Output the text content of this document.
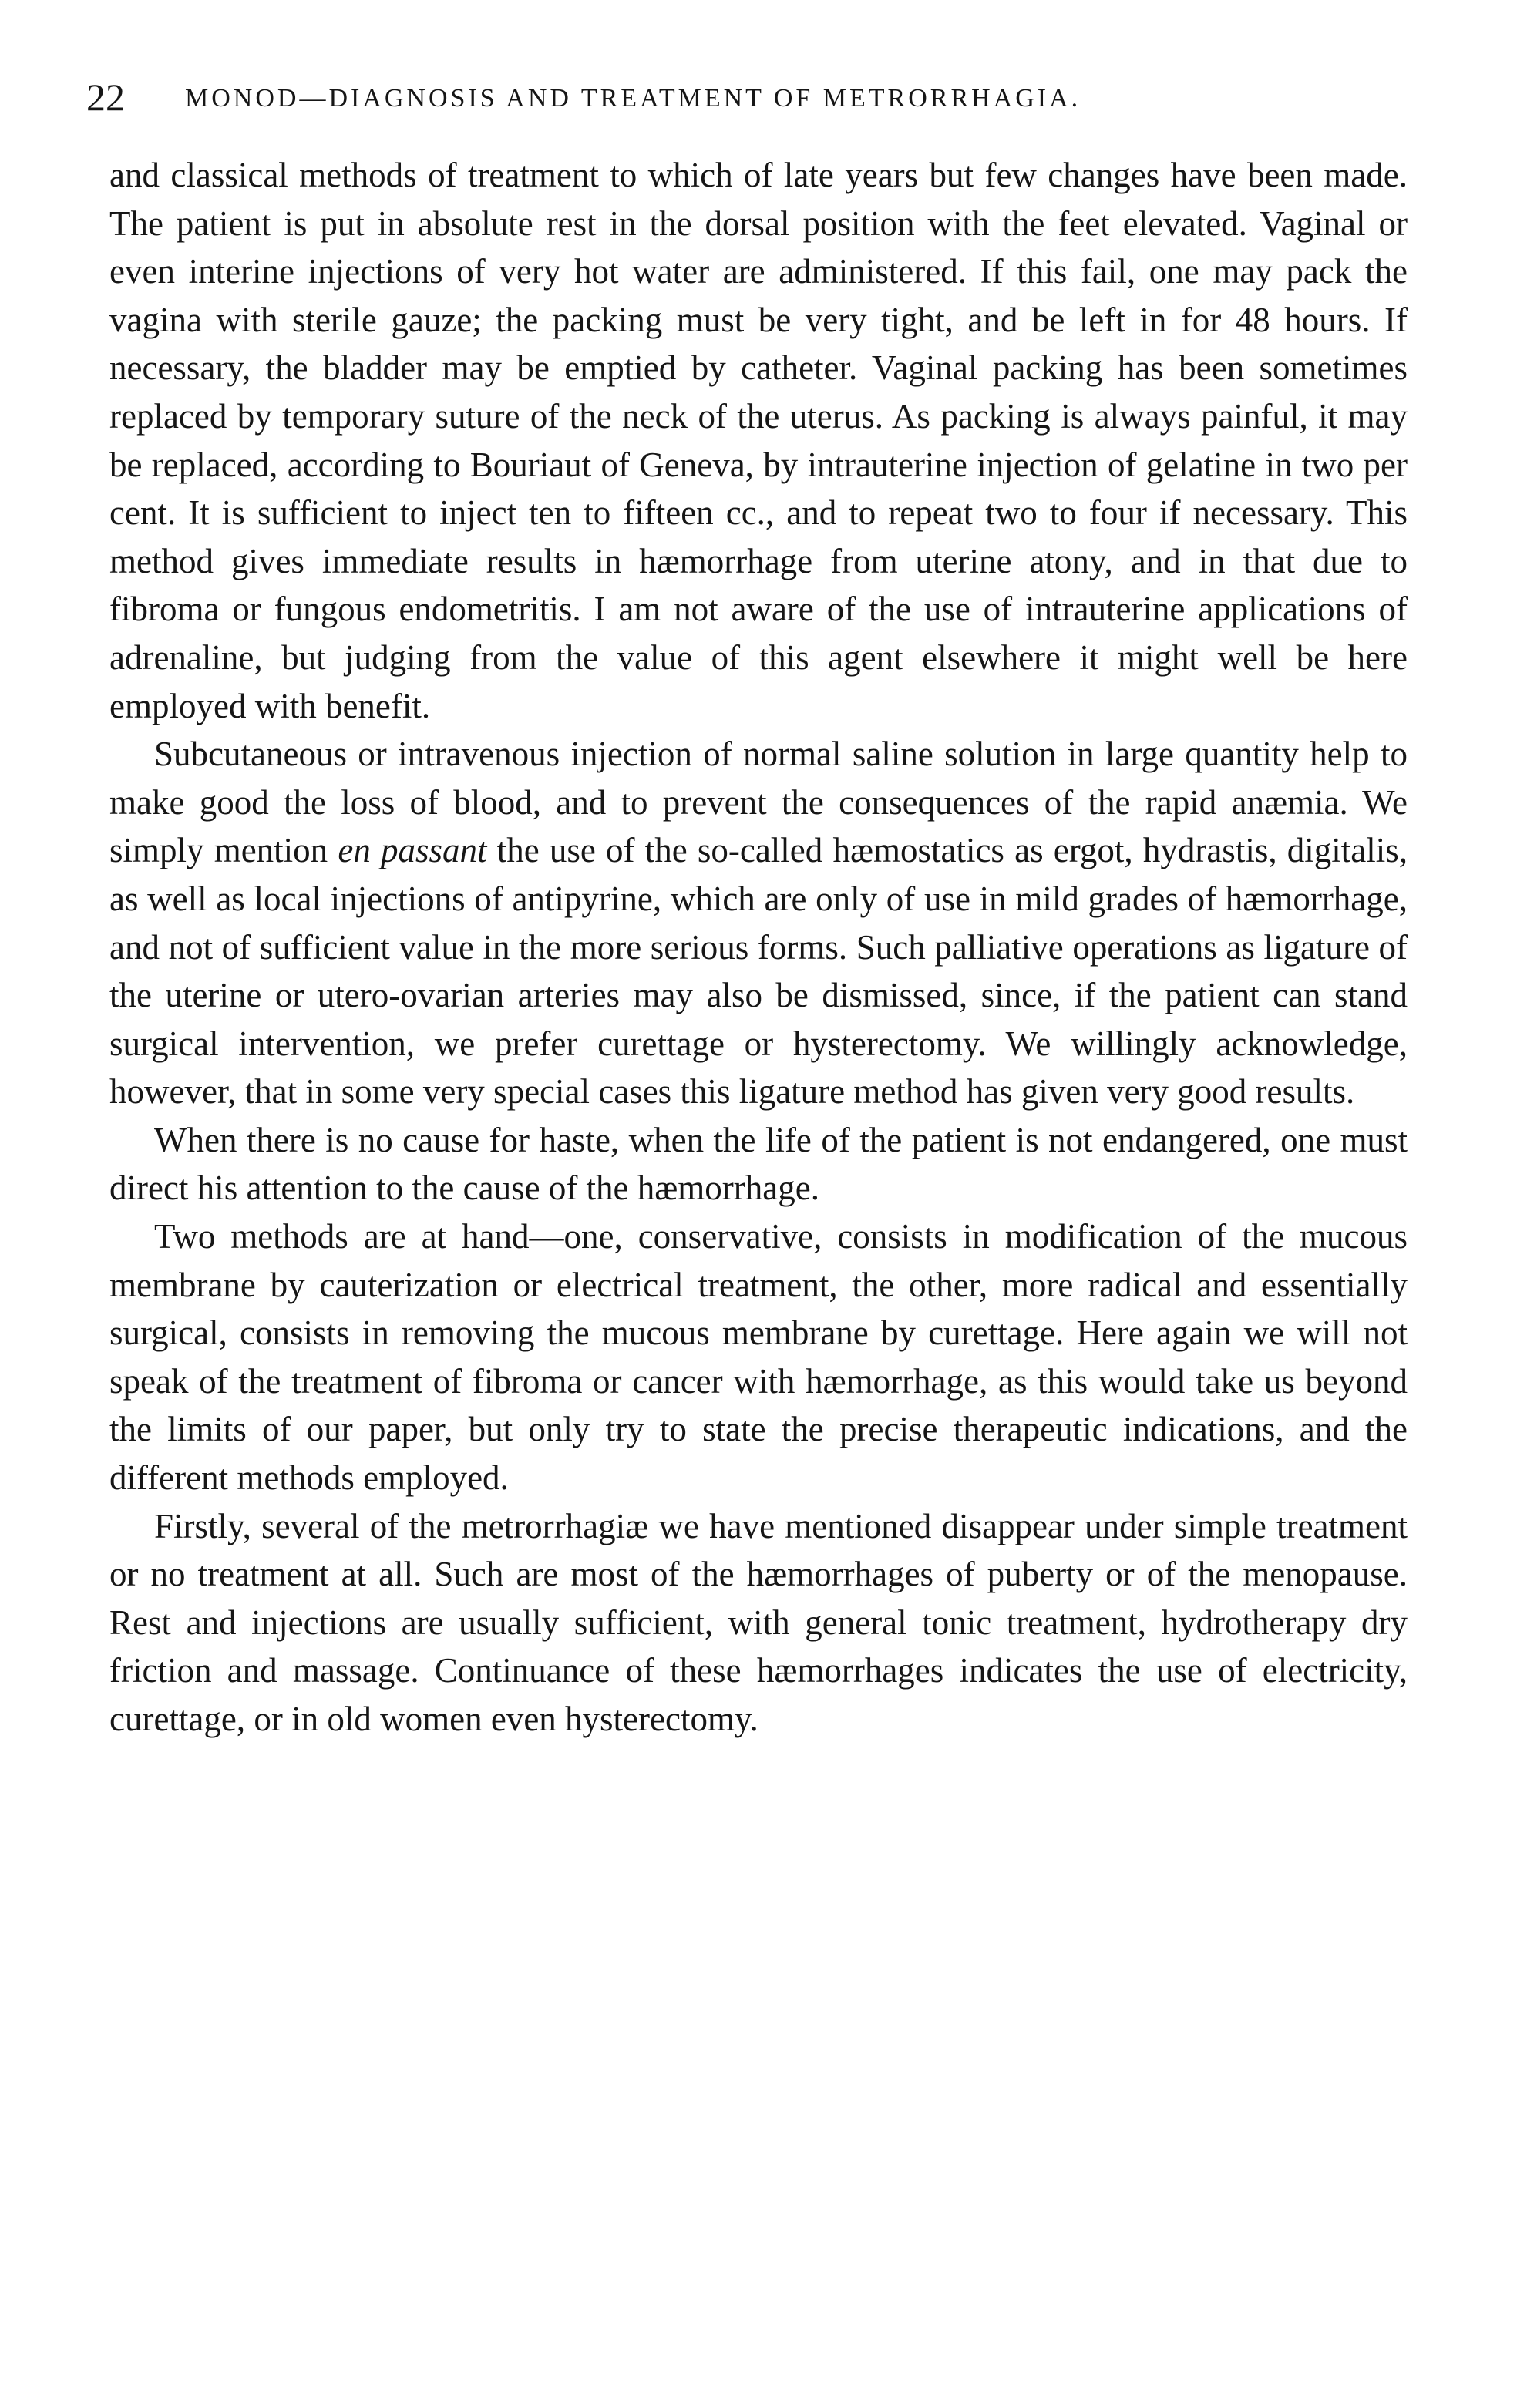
22 MONOD—DIAGNOSIS AND TREATMENT OF METRORRHAGIA.

and classical methods of treatment to which of late years but few changes have been made. The patient is put in absolute rest in the dorsal position with the feet elevated. Vaginal or even interine injections of very hot water are administered. If this fail, one may pack the vagina with sterile gauze; the packing must be very tight, and be left in for 48 hours. If necessary, the bladder may be emptied by catheter. Vaginal packing has been sometimes replaced by temporary suture of the neck of the uterus. As packing is always painful, it may be replaced, according to Bouriaut of Geneva, by intrauterine injection of gelatine in two per cent. It is sufficient to inject ten to fifteen cc., and to repeat two to four if necessary. This method gives immediate results in hæmorrhage from uterine atony, and in that due to fibroma or fungous endometritis. I am not aware of the use of intrauterine applications of adrenaline, but judging from the value of this agent elsewhere it might well be here employed with benefit.

Subcutaneous or intravenous injection of normal saline solution in large quantity help to make good the loss of blood, and to prevent the consequences of the rapid anæmia. We simply mention en passant the use of the so-called hæmostatics as ergot, hydrastis, digitalis, as well as local injections of antipyrine, which are only of use in mild grades of hæmorrhage, and not of sufficient value in the more serious forms. Such palliative operations as ligature of the uterine or utero-ovarian arteries may also be dismissed, since, if the patient can stand surgical intervention, we prefer curettage or hysterectomy. We willingly acknowledge, however, that in some very special cases this ligature method has given very good results.

When there is no cause for haste, when the life of the patient is not endangered, one must direct his attention to the cause of the hæmorrhage.

Two methods are at hand—one, conservative, consists in modification of the mucous membrane by cauterization or electrical treatment, the other, more radical and essentially surgical, consists in removing the mucous membrane by curettage. Here again we will not speak of the treatment of fibroma or cancer with hæmorrhage, as this would take us beyond the limits of our paper, but only try to state the precise therapeutic indications, and the different methods employed.

Firstly, several of the metrorrhagiæ we have mentioned disappear under simple treatment or no treatment at all. Such are most of the hæmorrhages of puberty or of the menopause. Rest and injections are usually sufficient, with general tonic treatment, hydrotherapy dry friction and massage. Continuance of these hæmorrhages indicates the use of electricity, curettage, or in old women even hysterectomy.
